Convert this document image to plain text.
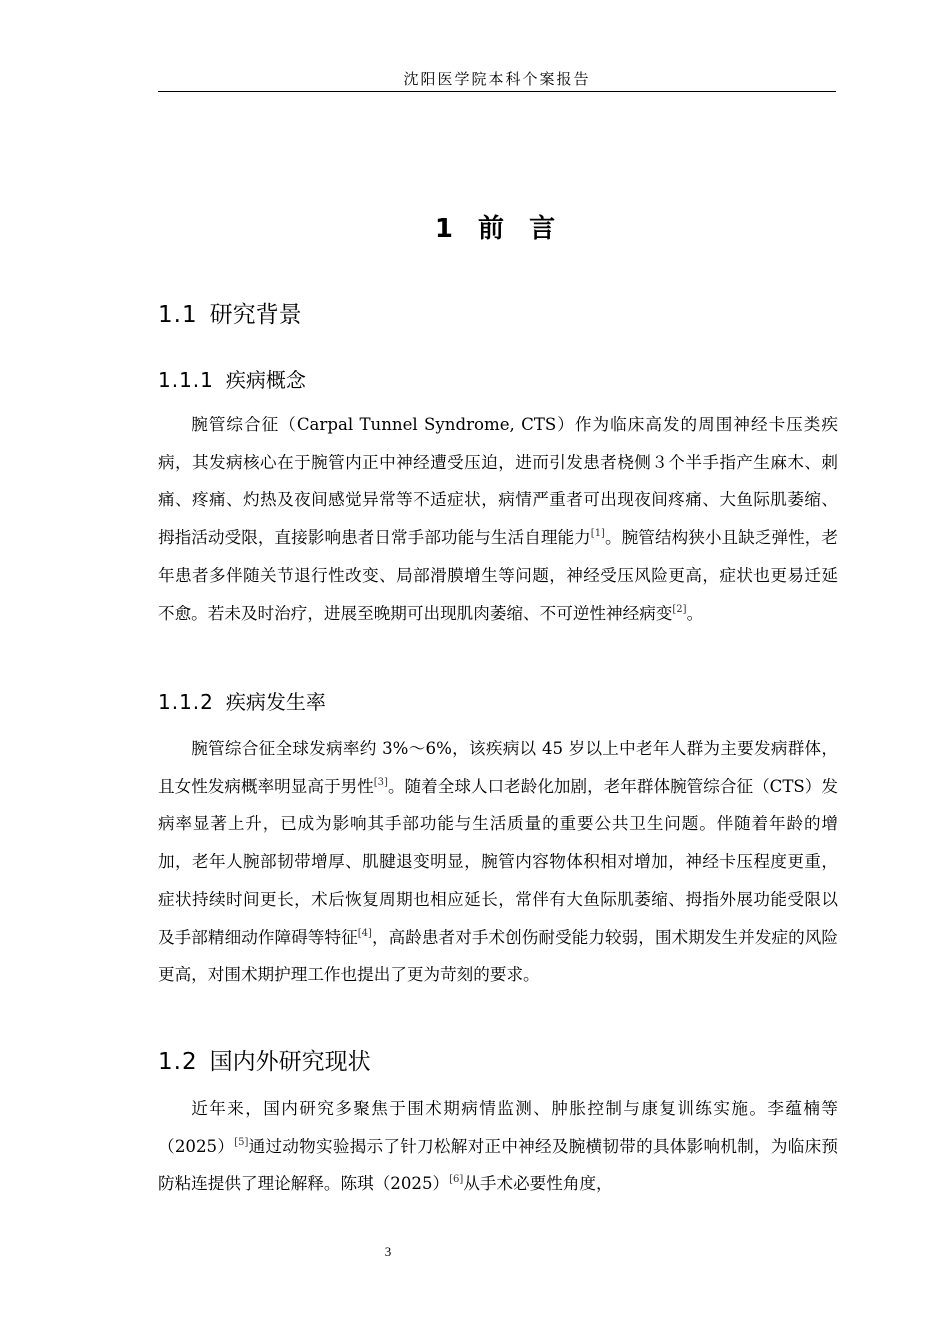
沈阳医学院本科个案报告
1 前 言
1.1 研究背景
1.1.1 疾病概念

腕管综合征（Carpal Tunnel Syndrome, CTS）作为临床高发的周围神经卡压类疾病，其发病核心在于腕管内正中神经遭受压迫，进而引发患者桡侧３个半手指产生麻木、刺痛、疼痛、灼热及夜间感觉异常等不适症状，病情严重者可出现夜间疼痛、大鱼际肌萎缩、拇指活动受限，直接影响患者日常手部功能与生活自理能力[1]。腕管结构狭小且缺乏弹性，老年患者多伴随关节退行性改变、局部滑膜增生等问题，神经受压风险更高，症状也更易迁延不愈。若未及时治疗，进展至晚期可出现肌肉萎缩、不可逆性神经病变[2]。

1.1.2 疾病发生率

腕管综合征全球发病率约 3%～6%，该疾病以 45 岁以上中老年人群为主要发病群体，且女性发病概率明显高于男性[3]。随着全球人口老龄化加剧，老年群体腕管综合征（CTS）发病率显著上升，已成为影响其手部功能与生活质量的重要公共卫生问题。伴随着年龄的增加，老年人腕部韧带增厚、肌腱退变明显，腕管内容物体积相对增加，神经卡压程度更重，症状持续时间更长，术后恢复周期也相应延长，常伴有大鱼际肌萎缩、拇指外展功能受限以及手部精细动作障碍等特征[4]，高龄患者对手术创伤耐受能力较弱，围术期发生并发症的风险更高，对围术期护理工作也提出了更为苛刻的要求。

1.2 国内外研究现状

近年来，国内研究多聚焦于围术期病情监测、肿胀控制与康复训练实施。李蕴楠等（2025）[5]通过动物实验揭示了针刀松解对正中神经及腕横韧带的具体影响机制，为临床预防粘连提供了理论解释。陈琪（2025）[6]从手术必要性角度，

3
